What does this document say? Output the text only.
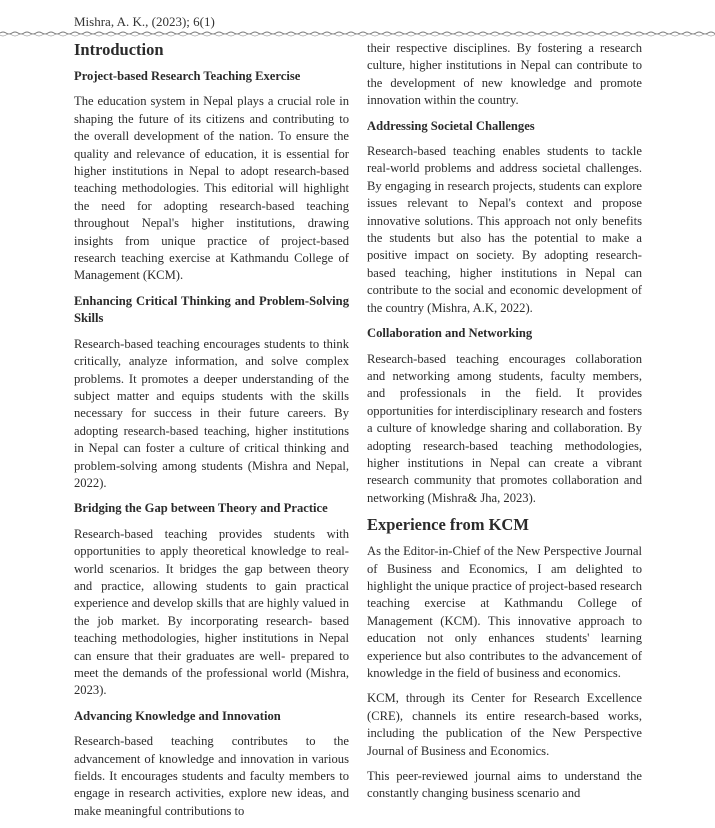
Mishra, A. K., (2023); 6(1)
Introduction
Project-based Research Teaching Exercise

The education system in Nepal plays a crucial role in shaping the future of its citizens and contributing to the overall development of the nation. To ensure the quality and relevance of education, it is essential for higher institutions in Nepal to adopt research-based teaching methodologies. This editorial will highlight the need for adopting research-based teaching throughout Nepal's higher institutions, drawing insights from unique practice of project-based research teaching exercise at Kathmandu College of Management (KCM).

Enhancing Critical Thinking and Problem-Solving Skills

Research-based teaching encourages students to think critically, analyze information, and solve complex problems. It promotes a deeper understanding of the subject matter and equips students with the skills necessary for success in their future careers. By adopting research-based teaching, higher institutions in Nepal can foster a culture of critical thinking and problem-solving among students (Mishra and Nepal, 2022).

Bridging the Gap between Theory and Practice

Research-based teaching provides students with opportunities to apply theoretical knowledge to real- world scenarios. It bridges the gap between theory and practice, allowing students to gain practical experience and develop skills that are highly valued in the job market. By incorporating research- based teaching methodologies, higher institutions in Nepal can ensure that their graduates are well- prepared to meet the demands of the professional world (Mishra, 2023).

Advancing Knowledge and Innovation

Research-based teaching contributes to the advancement of knowledge and innovation in various fields. It encourages students and faculty members to engage in research activities, explore new ideas, and make meaningful contributions to

their respective disciplines. By fostering a research culture, higher institutions in Nepal can contribute to the development of new knowledge and promote innovation within the country.

Addressing Societal Challenges

Research-based teaching enables students to tackle real-world problems and address societal challenges. By engaging in research projects, students can explore issues relevant to Nepal's context and propose innovative solutions. This approach not only benefits the students but also has the potential to make a positive impact on society. By adopting research-based teaching, higher institutions in Nepal can contribute to the social and economic development of the country (Mishra, A.K, 2022).

Collaboration and Networking

Research-based teaching encourages collaboration and networking among students, faculty members, and professionals in the field. It provides opportunities for interdisciplinary research and fosters a culture of knowledge sharing and collaboration. By adopting research-based teaching methodologies, higher institutions in Nepal can create a vibrant research community that promotes collaboration and networking (Mishra& Jha, 2023).

Experience from KCM

As the Editor-in-Chief of the New Perspective Journal of Business and Economics, I am delighted to highlight the unique practice of project-based research teaching exercise at Kathmandu College of Management (KCM). This innovative approach to education not only enhances students' learning experience but also contributes to the advancement of knowledge in the field of business and economics.

KCM, through its Center for Research Excellence (CRE), channels its entire research-based works, including the publication of the New Perspective Journal of Business and Economics.

This peer-reviewed journal aims to understand the constantly changing business scenario and
